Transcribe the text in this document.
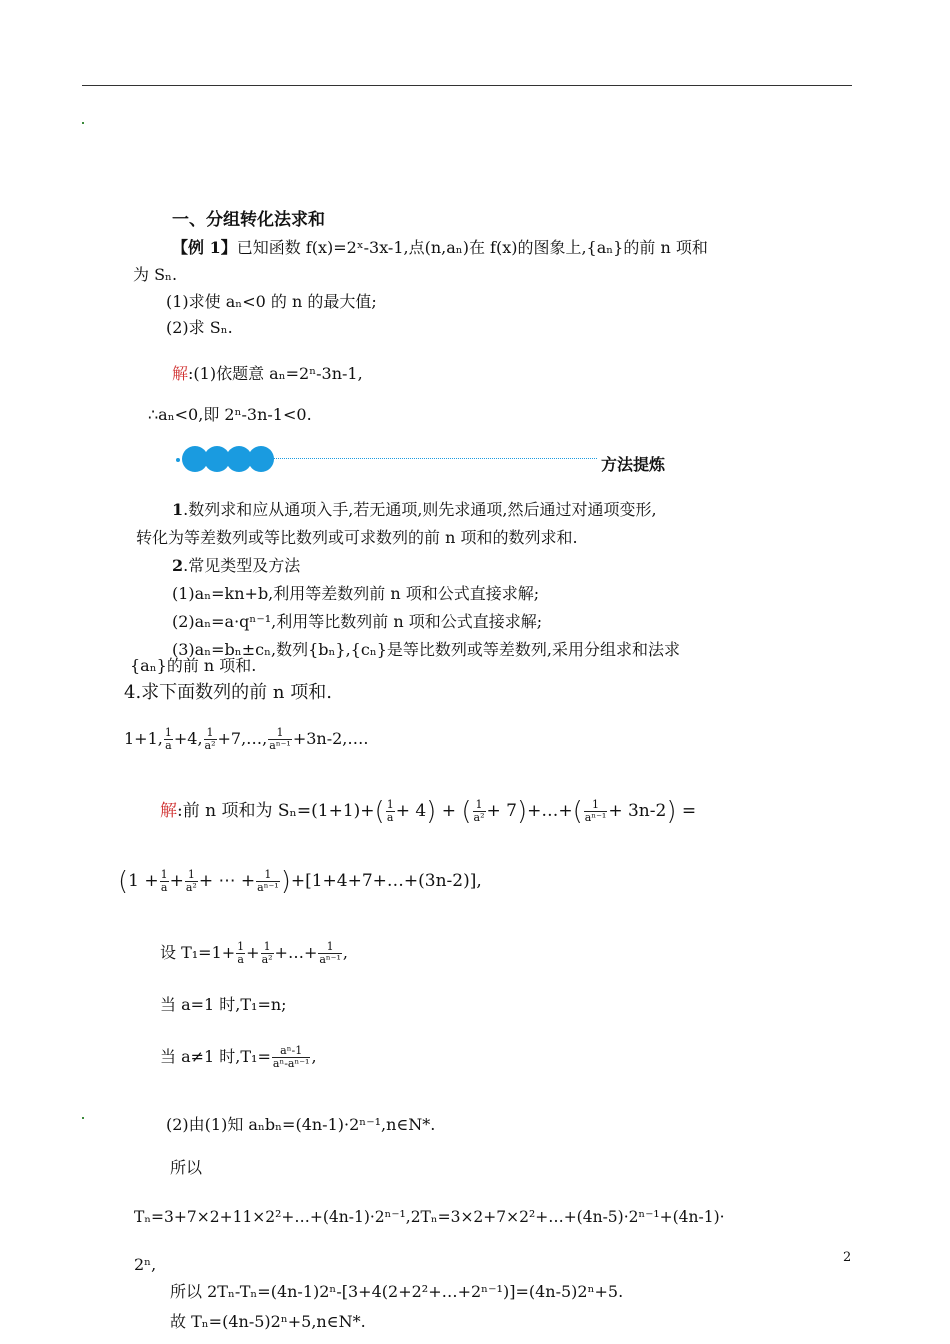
一、分组转化法求和
【例 1】已知函数 f(x)=2ˣ-3x-1,点(n,aₙ)在 f(x)的图象上,{aₙ}的前 n 项和
为 Sₙ.
(1)求使 aₙ<0 的 n 的最大值;
(2)求 Sₙ.
解:(1)依题意 aₙ=2ⁿ-3n-1,
∴aₙ<0,即 2ⁿ-3n-1<0.
方法提炼
1.数列求和应从通项入手,若无通项,则先求通项,然后通过对通项变形,
转化为等差数列或等比数列或可求数列的前 n 项和的数列求和.
2.常见类型及方法
(1)aₙ=kn+b,利用等差数列前 n 项和公式直接求解;
(2)aₙ=a·qⁿ⁻¹,利用等比数列前 n 项和公式直接求解;
(3)aₙ=bₙ±cₙ,数列{bₙ},{cₙ}是等比数列或等差数列,采用分组求和法求
{aₙ}的前 n 项和.
4.求下面数列的前 n 项和.
1+1, $\frac{1}{a} +4$, $\frac{1}{\text{a²}}$ +7,…, $\frac{1}{\text{aⁿ⁻¹}}$ +3n-2,….
解:前 n 项和为 $S_n=(1+1)+( \frac{1}{a} + 4)$ + ( $\frac{1}{\text{a²}}$ + 7)+…+( $\frac{1}{\text{aⁿ⁻¹}} + 3n-2$) =
($1 + \frac{1}{a} + \frac{1}{\text{a²}}$ + ⋯ + $\frac{1}{\text{aⁿ⁻¹}}$ )+[1+4+7+…+(3n-2)],
设 $T_1=1+ \frac{1}{a} + \frac{1}{\text{a²}}$ +…+ $\frac{1}{\text{aⁿ⁻¹}}$ ,
当 a=1 时,T₁=n;
当 a≠1 时$,T_1= \frac{\text{aⁿ-1}}{\text{aⁿ-aⁿ⁻¹}}$ ,
(2)由(1)知 aₙbₙ=(4n-1)·2ⁿ⁻¹,n∈N*.
所以
Tₙ=3+7×2+11×2²+…+(4n-1)·2ⁿ⁻¹,2Tₙ=3×2+7×2²+…+(4n-5)·2ⁿ⁻¹+(4n-1)·
2ⁿ,
所以 2Tₙ-Tₙ=(4n-1)2ⁿ-[3+4(2+2²+…+2ⁿ⁻¹)]=(4n-5)2ⁿ+5.
故 Tₙ=(4n-5)2ⁿ+5,n∈N*.
2
